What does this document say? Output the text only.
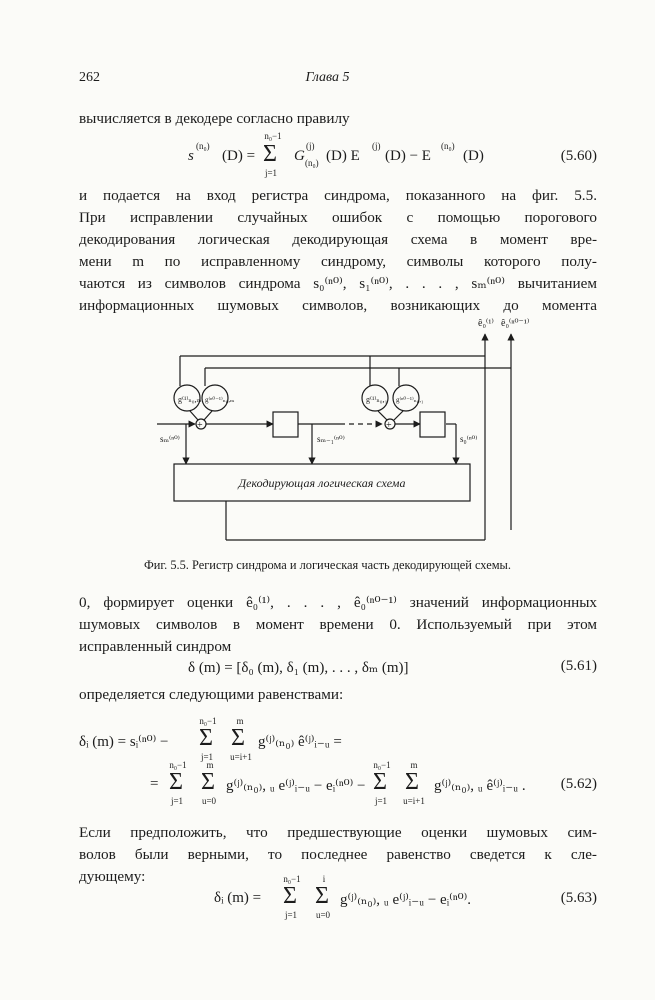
262	Глава 5
вычисляется в декодере согласно правилу
s
(n₀)
(D) =
n₀−1
Σ
j=1
G
(j)
(n₀) (D) E
(j)
(D) − E
(n₀)
(D)	(5.60)
и подается на вход регистра синдрома, показанного на фиг. 5.5.
При исправлении случайных ошибок с помощью порогового
декодирования логическая декодирующая схема в момент вре-
мени m по исправленному синдрому, символы которого полу-
чаются из символов синдрома s₀⁽ⁿ⁰⁾, s₁⁽ⁿ⁰⁾, . . . , sₘ⁽ⁿ⁰⁾ вычитанием
информационных шумовых символов, возникающих до момента
ê₀⁽¹⁾ ê₀⁽ⁿ⁰⁻¹⁾
g⁽¹⁾ₙ₀,ₘ g⁽ⁿ⁰⁻¹⁾ₙ₀,ₘ	g⁽¹⁾ₙ₀,₁ g⁽ⁿ⁰⁻¹⁾ₙ₀,₁
+	+
sₘ⁽ⁿ⁰⁾	sₘ₋₁⁽ⁿ⁰⁾	s₀⁽ⁿ⁰⁾
Декодирующая логическая схема
Фиг. 5.5. Регистр синдрома и логическая часть декодирующей схемы.
0, формирует оценки ê₀⁽¹⁾, . . . , ê₀⁽ⁿ⁰⁻¹⁾ значений информационных
шумовых символов в момент времени 0. Используемый при этом
исправленный синдром
δ (m) = [δ₀ (m), δ₁ (m), . . . , δₘ (m)]	(5.61)
определяется следующими равенствами:
δᵢ (m) = sᵢ⁽ⁿ⁰⁾ −
n₀−1
Σ
j=1
m
Σ
u=i+1
g⁽ʲ⁾₍ₙ₀₎ ê⁽ʲ⁾ᵢ₋ᵤ =
=
n₀−1
Σ
j=1
m
Σ
u=0
g⁽ʲ⁾₍ₙ₀₎, ᵤ e⁽ʲ⁾ᵢ₋ᵤ − eᵢ⁽ⁿ⁰⁾ −
n₀−1
Σ
j=1
m
Σ
u=i+1
g⁽ʲ⁾₍ₙ₀₎, ᵤ ê⁽ʲ⁾ᵢ₋ᵤ . (5.62)
Если предположить, что предшествующие оценки шумовых сим-
волов были верными, то последнее равенство сведется к сле-
дующему:
δᵢ (m) =
n₀−1
Σ
j=1
i
Σ
u=0
g⁽ʲ⁾₍ₙ₀₎, ᵤ e⁽ʲ⁾ᵢ₋ᵤ − eᵢ⁽ⁿ⁰⁾.	(5.63)
